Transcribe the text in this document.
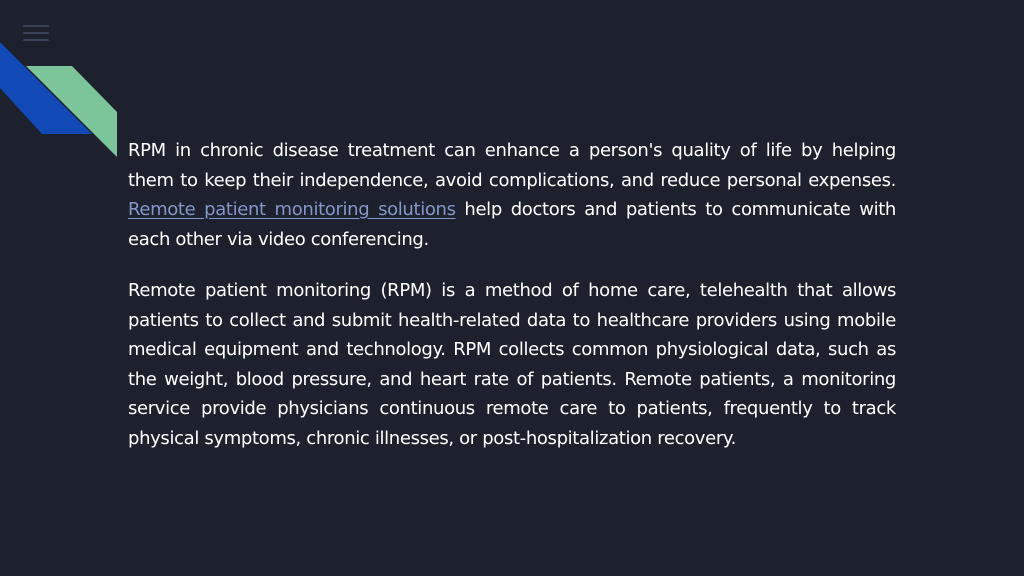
RPM in chronic disease treatment can enhance a person's quality of life by helping them to keep their independence, avoid complications, and reduce personal expenses. Remote patient monitoring solutions help doctors and patients to communicate with each other via video conferencing.

Remote patient monitoring (RPM) is a method of home care, telehealth that allows patients to collect and submit health-related data to healthcare providers using mobile medical equipment and technology. RPM collects common physiological data, such as the weight, blood pressure, and heart rate of patients. Remote patients, a monitoring service provide physicians continuous remote care to patients, frequently to track physical symptoms, chronic illnesses, or post-hospitalization recovery.
